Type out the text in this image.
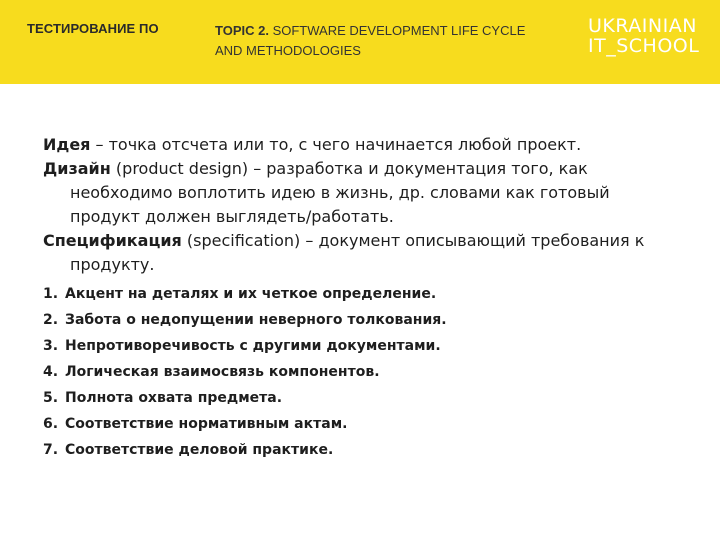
ТЕСТИРОВАНИЕ ПО	TOPIC 2. SOFTWARE DEVELOPMENT LIFE CYCLE AND METHODOLOGIES
UKRAINIAN
IT_SCHOOL

Идея – точка отсчета или то, с чего начинается любой проект.

Дизайн (product design) – разработка и документация того, как необходимо воплотить идею в жизнь, др. словами как готовый продукт должен выглядеть/работать.

Спецификация (specification) – документ описывающий требования к продукту.

1. Акцент на деталях и их четкое определение.
2. Забота о недопущении неверного толкования.
3. Непротиворечивость с другими документами.
4. Логическая взаимосвязь компонентов.
5. Полнота охвата предмета.
6. Соответствие нормативным актам.
7. Соответствие деловой практике.
